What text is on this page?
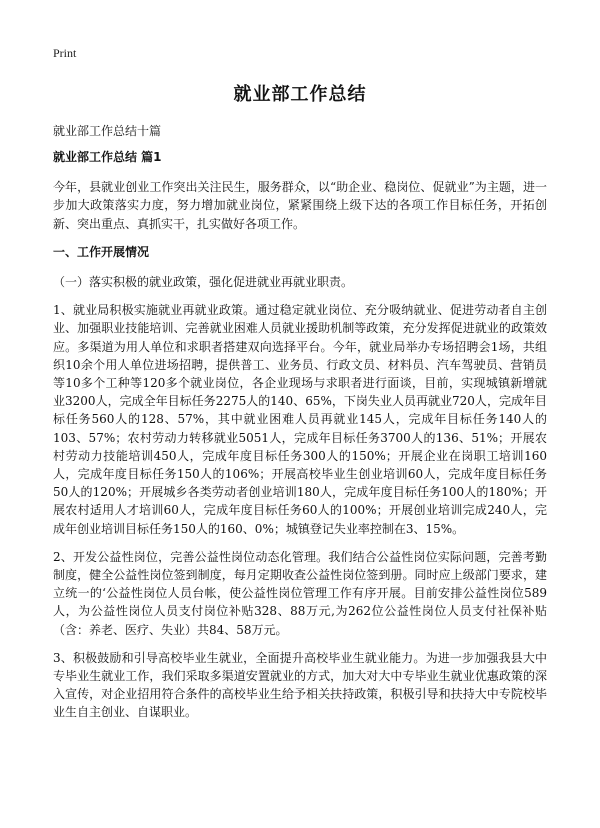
Print
就业部工作总结
就业部工作总结十篇
就业部工作总结 篇1

今年，县就业创业工作突出关注民生，服务群众，以“助企业、稳岗位、促就业”为主题，进一步加大政策落实力度，努力增加就业岗位，紧紧围绕上级下达的各项工作目标任务，开拓创新、突出重点、真抓实干，扎实做好各项工作。

一、工作开展情况

（一）落实积极的就业政策，强化促进就业再就业职责。

1、就业局积极实施就业再就业政策。通过稳定就业岗位、充分吸纳就业、促进劳动者自主创业、加强职业技能培训、完善就业困难人员就业援助机制等政策，充分发挥促进就业的政策效应。多渠道为用人单位和求职者搭建双向选择平台。今年，就业局举办专场招聘会1场，共组织10余个用人单位进场招聘，提供普工、业务员、行政文员、材料员、汽车驾驶员、营销员等10多个工种等120多个就业岗位，各企业现场与求职者进行面谈，目前，实现城镇新增就业3200人，完成全年目标任务2275人的140、65%，下岗失业人员再就业720人，完成年目标任务560人的128、57%，其中就业困难人员再就业145人，完成年目标任务140人的103、57%；农村劳动力转移就业5051人，完成年目标任务3700人的136、51%；开展农村劳动力技能培训450人，完成年度目标任务300人的150%；开展企业在岗职工培训160人，完成年度目标任务150人的106%；开展高校毕业生创业培训60人，完成年度目标任务50人的120%；开展城乡各类劳动者创业培训180人，完成年度目标任务100人的180%；开展农村适用人才培训60人，完成年度目标任务60人的100%；开展创业培训完成240人，完成年创业培训目标任务150人的160、0%；城镇登记失业率控制在3、15%。

2、开发公益性岗位，完善公益性岗位动态化管理。我们结合公益性岗位实际问题，完善考勤制度，健全公益性岗位签到制度，每月定期收查公益性岗位签到册。同时应上级部门要求，建立统一的‘公益性岗位人员台帐，使公益性岗位管理工作有序开展。目前安排公益性岗位589人，为公益性岗位人员支付岗位补贴328、88万元,为262位公益性岗位人员支付社保补贴（含：养老、医疗、失业）共84、58万元。

3、积极鼓励和引导高校毕业生就业，全面提升高校毕业生就业能力。为进一步加强我县大中专毕业生就业工作，我们采取多渠道安置就业的方式，加大对大中专毕业生就业优惠政策的深入宣传，对企业招用符合条件的高校毕业生给予相关扶持政策，积极引导和扶持大中专院校毕业生自主创业、自谋职业。
